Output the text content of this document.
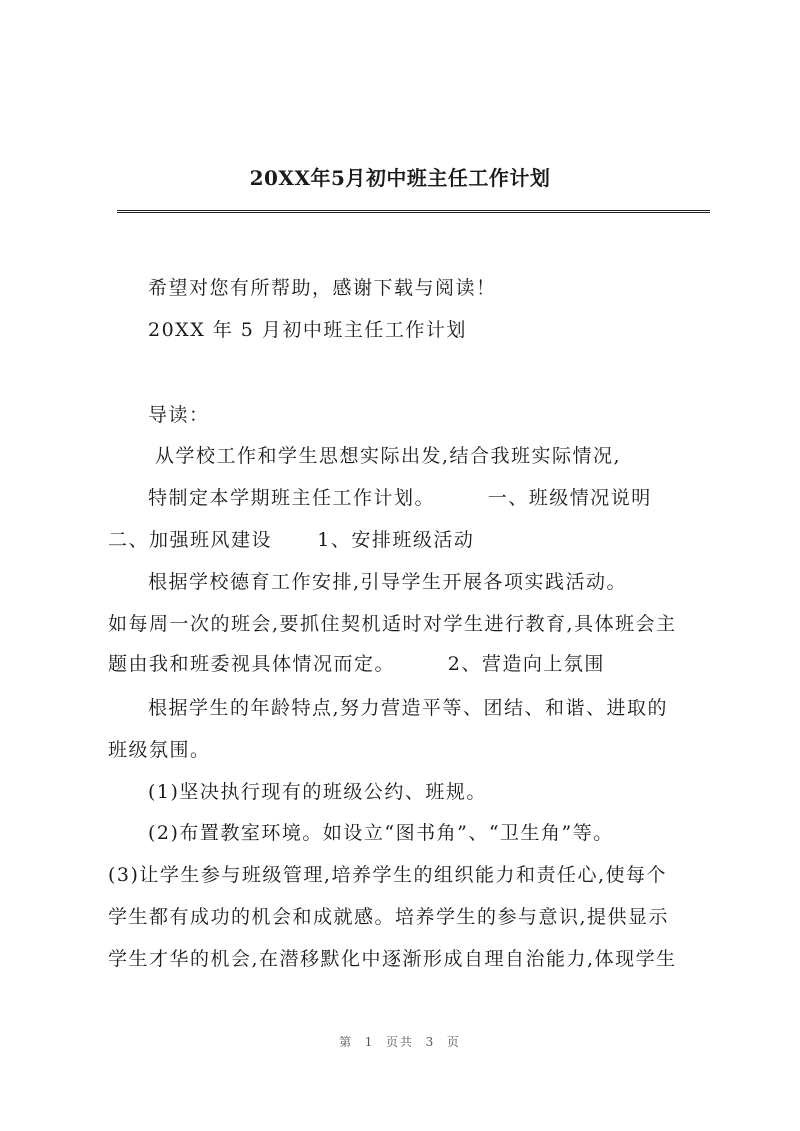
20XX年5月初中班主任工作计划
希望对您有所帮助，感谢下载与阅读！
20XX 年 5 月初中班主任工作计划
导读：
从学校工作和学生思想实际出发,结合我班实际情况,
特制定本学期班主任工作计划。       一、班级情况说明
二、加强班风建设      1、安排班级活动
根据学校德育工作安排,引导学生开展各项实践活动。
如每周一次的班会,要抓住契机适时对学生进行教育,具体班会主
题由我和班委视具体情况而定。       2、营造向上氛围
根据学生的年龄特点,努力营造平等、团结、和谐、进取的
班级氛围。
(1)坚决执行现有的班级公约、班规。
(2)布置教室环境。如设立“图书角”、“卫生角”等。
(3)让学生参与班级管理,培养学生的组织能力和责任心,使每个
学生都有成功的机会和成就感。培养学生的参与意识,提供显示
学生才华的机会,在潜移默化中逐渐形成自理自治能力,体现学生
第  1  页共  3  页
